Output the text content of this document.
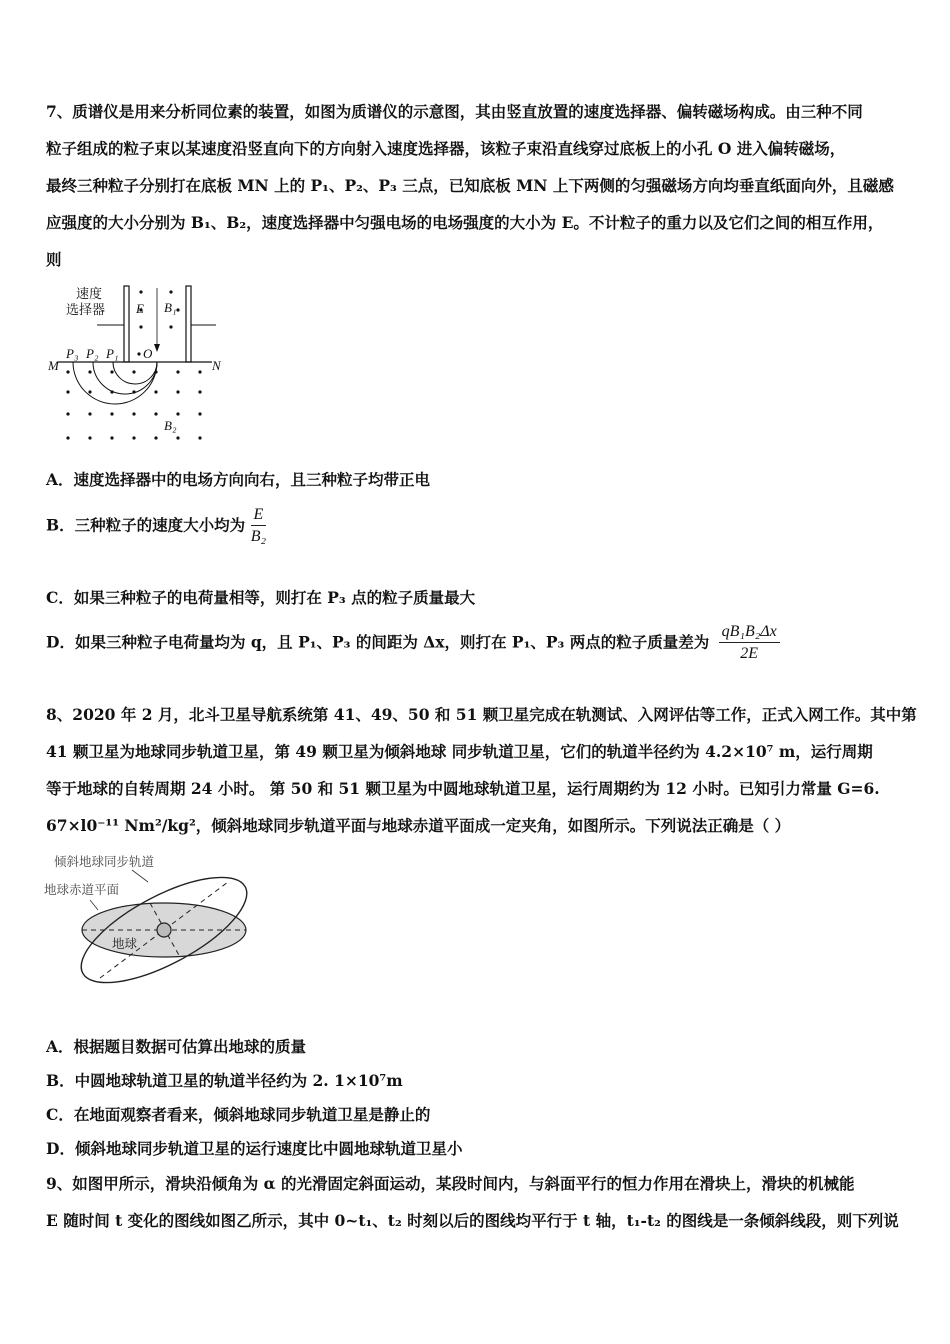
7、质谱仪是用来分析同位素的装置，如图为质谱仪的示意图，其由竖直放置的速度选择器、偏转磁场构成。由三种不同
粒子组成的粒子束以某速度沿竖直向下的方向射入速度选择器，该粒子束沿直线穿过底板上的小孔 O 进入偏转磁场，
最终三种粒子分别打在底板 MN 上的 P₁、P₂、P₃ 三点，已知底板 MN 上下两侧的匀强磁场方向均垂直纸面向外，且磁感
应强度的大小分别为 B₁、B₂，速度选择器中匀强电场的电场强度的大小为 E。不计粒子的重力以及它们之间的相互作用，
则
速度
选择器 E B₁
M	N
P₃ P₂ P₁ O
B₂
A．速度选择器中的电场方向向右，且三种粒子均带正电
B．三种粒子的速度大小均为 $\frac{E}{\text{B₂}}$
C．如果三种粒子的电荷量相等，则打在 P₃ 点的粒子质量最大
D．如果三种粒子电荷量均为 q，且 P₁、P₃ 的间距为 Δx，则打在 P₁、P₃ 两点的粒子质量差为 $\frac{\text{qB₁B₂Δx}}{2E}$
8、2020 年 2 月，北斗卫星导航系统第 41、49、50 和 51 颗卫星完成在轨测试、入网评估等工作，正式入网工作。其中第
41 颗卫星为地球同步轨道卫星，第 49 颗卫星为倾斜地球 同步轨道卫星，它们的轨道半径约为 4.2×10⁷ m，运行周期
等于地球的自转周期 24 小时。 第 50 和 51 颗卫星为中圆地球轨道卫星，运行周期约为 12 小时。已知引力常量 G=6.
67×l0⁻¹¹ Nm²/kg²，倾斜地球同步轨道平面与地球赤道平面成一定夹角，如图所示。下列说法正确是（ ）
倾斜地球同步轨道
地球赤道平面
地球
A．根据题目数据可估算出地球的质量
B．中圆地球轨道卫星的轨道半径约为 2. 1×10⁷m
C．在地面观察者看来，倾斜地球同步轨道卫星是静止的
D．倾斜地球同步轨道卫星的运行速度比中圆地球轨道卫星小
9、如图甲所示，滑块沿倾角为 α 的光滑固定斜面运动，某段时间内，与斜面平行的恒力作用在滑块上，滑块的机械能
E 随时间 t 变化的图线如图乙所示，其中 0~t₁、t₂ 时刻以后的图线均平行于 t 轴，t₁-t₂ 的图线是一条倾斜线段，则下列说
